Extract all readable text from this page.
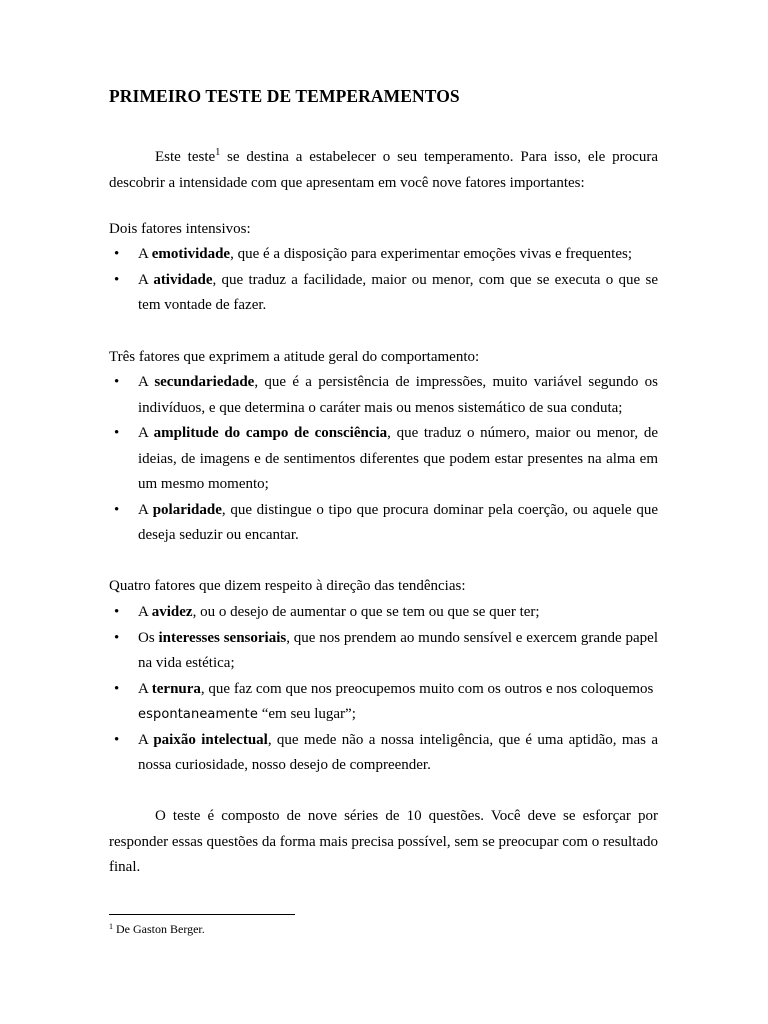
PRIMEIRO TESTE DE TEMPERAMENTOS

Este teste$^1$ se destina a estabelecer o seu temperamento. Para isso, ele procura descobrir a intensidade com que apresentam em você nove fatores importantes:

Dois fatores intensivos:

• A emotividade, que é a disposição para experimentar emoções vivas e frequentes;
• A atividade, que traduz a facilidade, maior ou menor, com que se executa o que se tem vontade de fazer.

Três fatores que exprimem a atitude geral do comportamento:

• A secundariedade, que é a persistência de impressões, muito variável segundo os indivíduos, e que determina o caráter mais ou menos sistemático de sua conduta;
• A amplitude do campo de consciência, que traduz o número, maior ou menor, de ideias, de imagens e de sentimentos diferentes que podem estar presentes na alma em um mesmo momento;
• A polaridade, que distingue o tipo que procura dominar pela coerção, ou aquele que deseja seduzir ou encantar.

Quatro fatores que dizem respeito à direção das tendências:

• A avidez, ou o desejo de aumentar o que se tem ou que se quer ter;
• Os interesses sensoriais, que nos prendem ao mundo sensível e exercem grande papel na vida estética;
• A ternura, que faz com que nos preocupemos muito com os outros e nos coloquemos
espontaneamente “em seu lugar”;
• A paixão intelectual, que mede não a nossa inteligência, que é uma aptidão, mas a nossa curiosidade, nosso desejo de compreender.

O teste é composto de nove séries de 10 questões. Você deve se esforçar por responder essas questões da forma mais precisa possível, sem se preocupar com o resultado final.

$^1$ De Gaston Berger.
